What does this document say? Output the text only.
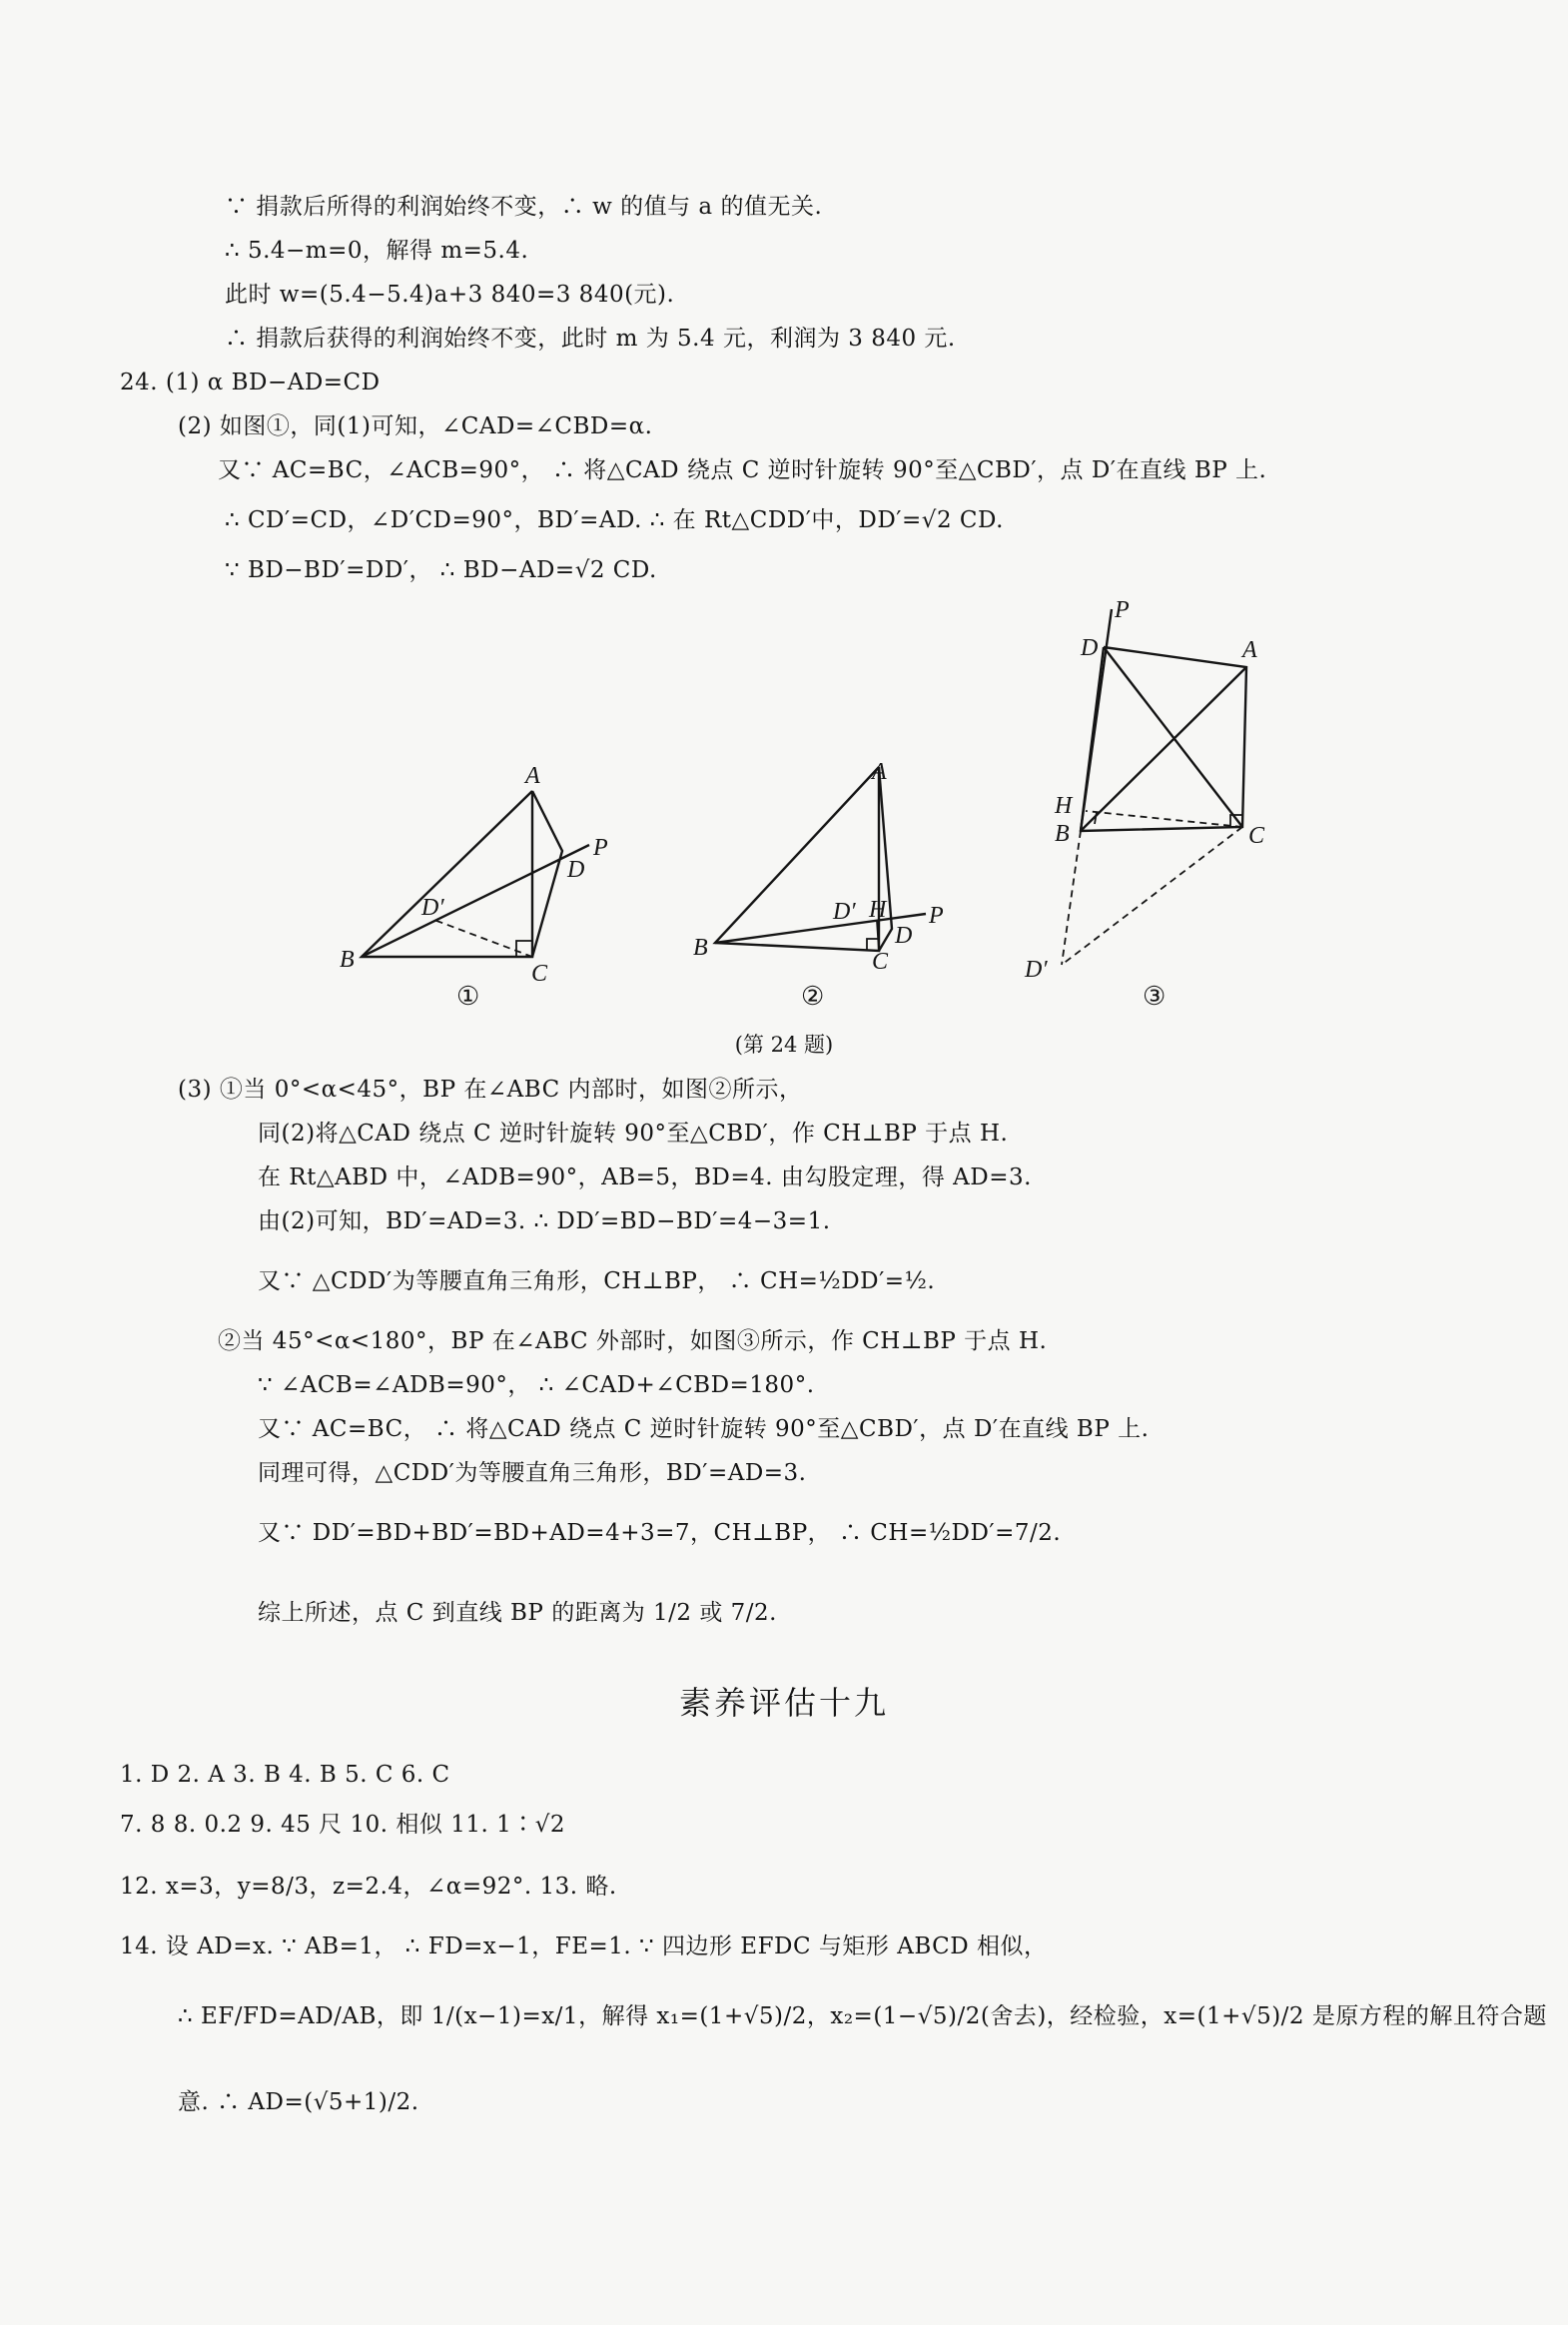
∵ 捐款后所得的利润始终不变，∴ w 的值与 a 的值无关.
∴ 5.4−m=0，解得 m=5.4.
此时 w=(5.4−5.4)a+3 840=3 840(元).
∴ 捐款后获得的利润始终不变，此时 m 为 5.4 元，利润为 3 840 元.
24. (1) α BD−AD=CD
(2) 如图①，同(1)可知，∠CAD=∠CBD=α.
又∵ AC=BC，∠ACB=90°， ∴ 将△CAD 绕点 C 逆时针旋转 90°至△CBD′，点 D′在直线 BP 上.
∴ CD′=CD，∠D′CD=90°，BD′=AD. ∴ 在 Rt△CDD′中，DD′=√2 CD.
∵ BD−BD′=DD′， ∴ BD−AD=√2 CD.
A
B
C
D
D′
P
①
A
B
C
D
D′ H P
②
A
B	C
D
D′
H
P
③
(第 24 题)
(3) ①当 0°<α<45°，BP 在∠ABC 内部时，如图②所示，
同(2)将△CAD 绕点 C 逆时针旋转 90°至△CBD′，作 CH⊥BP 于点 H.
在 Rt△ABD 中，∠ADB=90°，AB=5，BD=4. 由勾股定理，得 AD=3.
由(2)可知，BD′=AD=3. ∴ DD′=BD−BD′=4−3=1.
又∵ △CDD′为等腰直角三角形，CH⊥BP， ∴ CH=½DD′=½.
②当 45°<α<180°，BP 在∠ABC 外部时，如图③所示，作 CH⊥BP 于点 H.
∵ ∠ACB=∠ADB=90°， ∴ ∠CAD+∠CBD=180°.
又∵ AC=BC， ∴ 将△CAD 绕点 C 逆时针旋转 90°至△CBD′，点 D′在直线 BP 上.
同理可得，△CDD′为等腰直角三角形，BD′=AD=3.
又∵ DD′=BD+BD′=BD+AD=4+3=7，CH⊥BP， ∴ CH=½DD′=7/2.
综上所述，点 C 到直线 BP 的距离为 1/2 或 7/2.
素养评估十九
1. D 2. A 3. B 4. B 5. C 6. C
7. 8 8. 0.2 9. 45 尺 10. 相似 11. 1∶√2
12. x=3，y=8/3，z=2.4，∠α=92°. 13. 略.
14. 设 AD=x. ∵ AB=1， ∴ FD=x−1，FE=1. ∵ 四边形 EFDC 与矩形 ABCD 相似，
∴ EF/FD=AD/AB，即 1/(x−1)=x/1，解得 x₁=(1+√5)/2，x₂=(1−√5)/2(舍去)，经检验，x=(1+√5)/2 是原方程的解且符合题
意. ∴ AD=(√5+1)/2.
